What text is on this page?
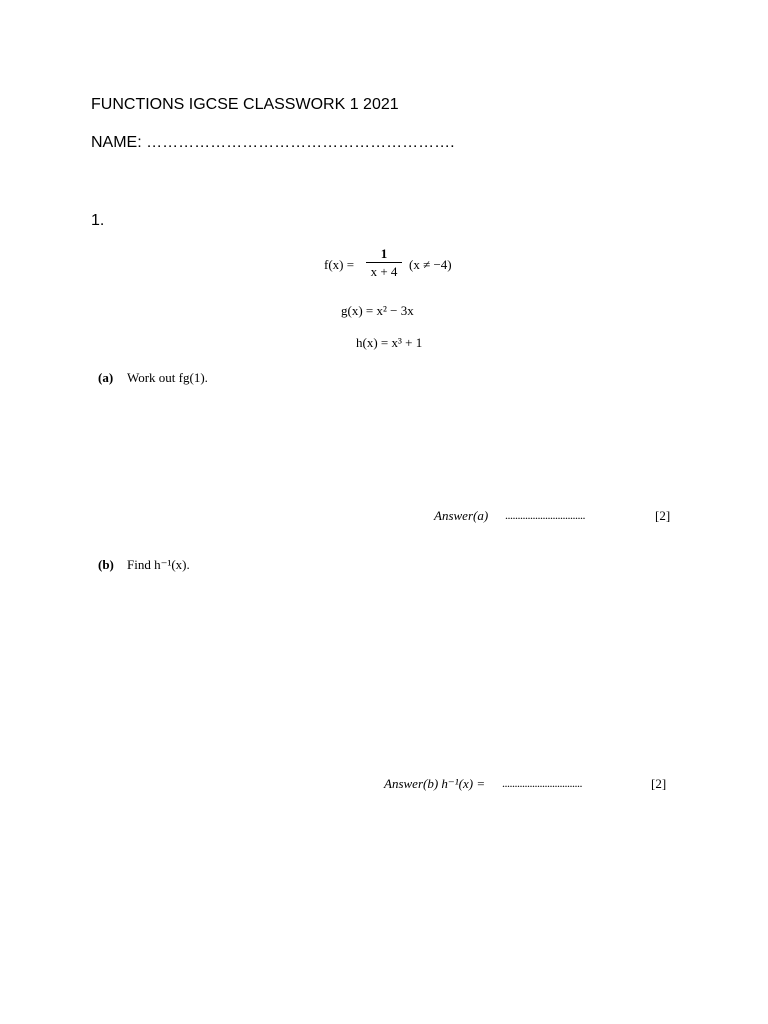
FUNCTIONS IGCSE CLASSWORK 1 2021
NAME: ………………………………………………….
1.
f(x) =
1
x + 4 (x ≠ −4)
g(x) = x² − 3x
h(x) = x³ + 1
(a) Work out fg(1).
Answer(a) ................................	[2]
(b) Find h⁻¹(x).
Answer(b) h⁻¹(x) = ................................	[2]
